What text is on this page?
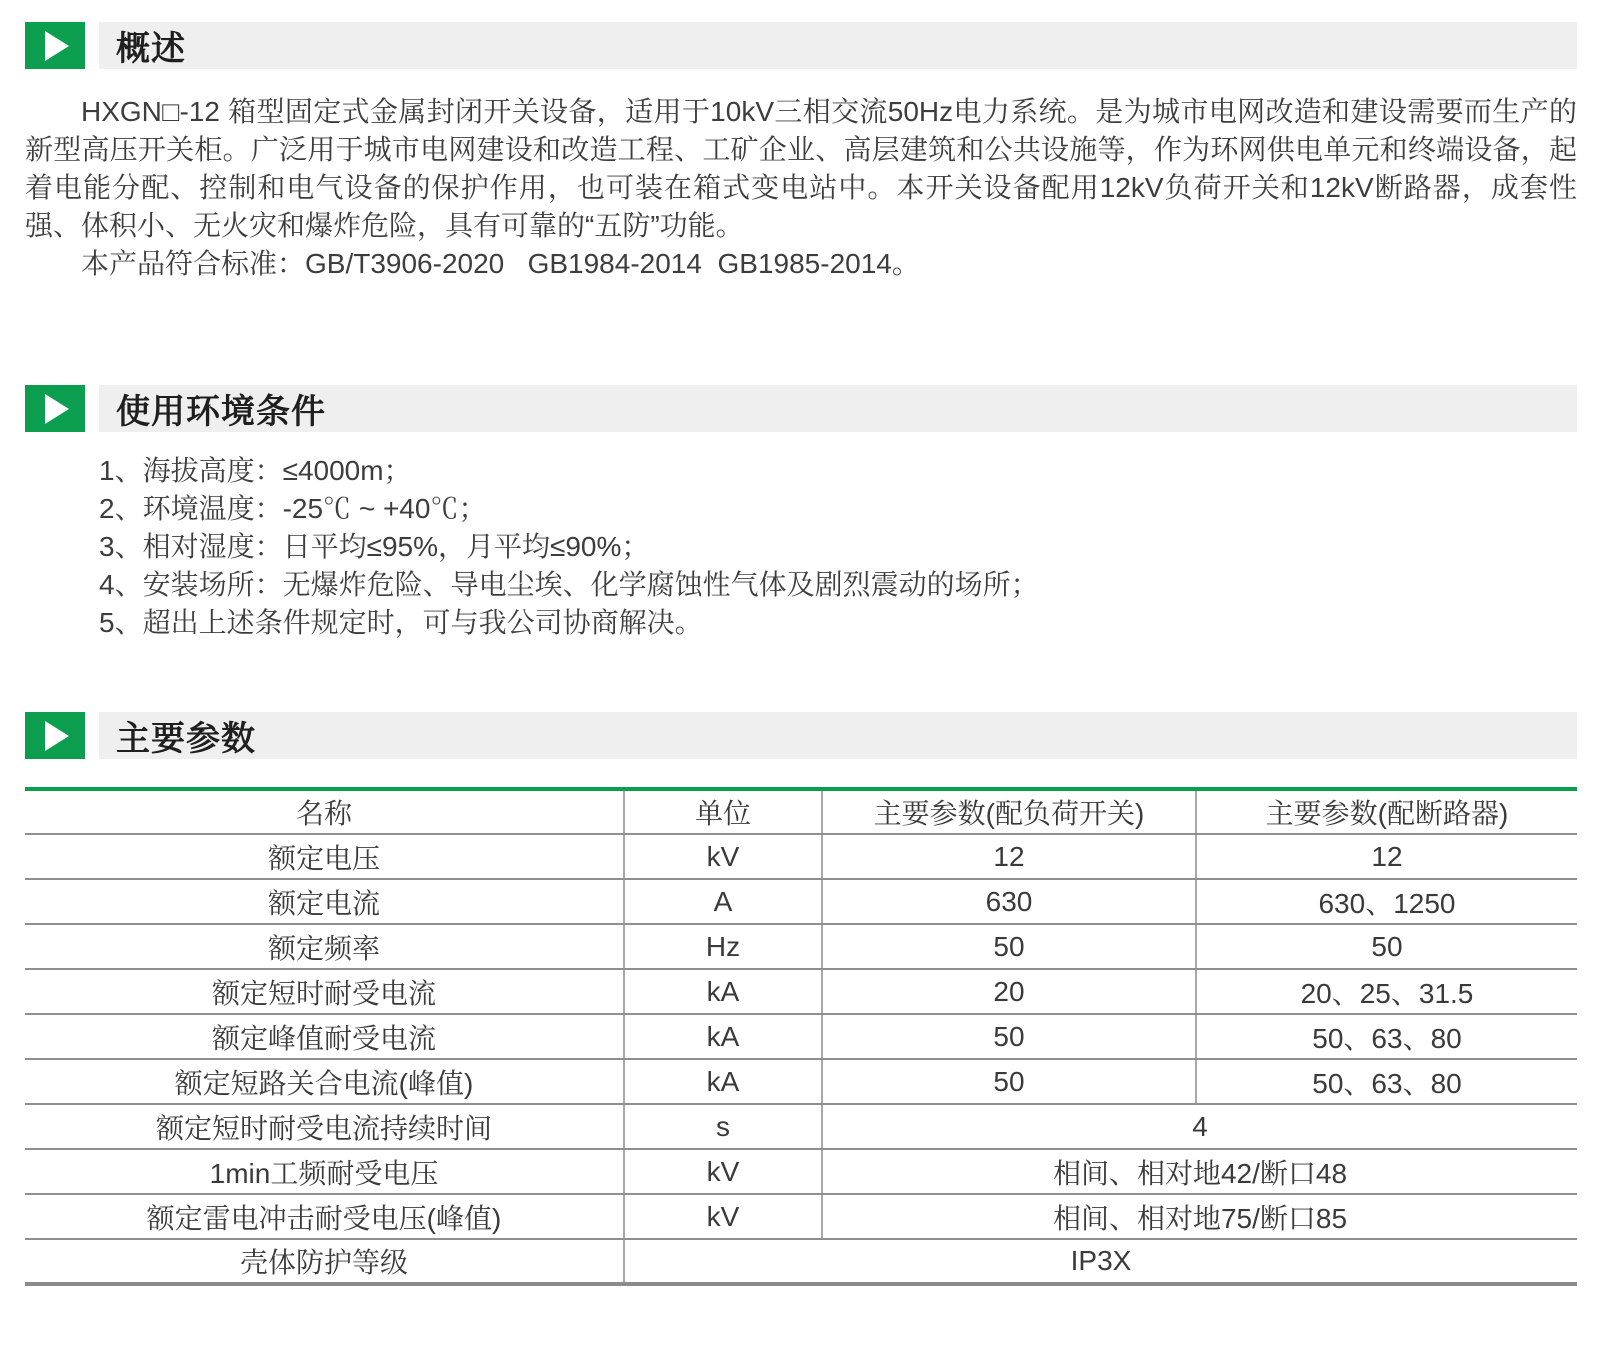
概述

HXGN□-12 箱型固定式金属封闭开关设备，适用于10kV三相交流50Hz电力系统。是为城市电网改造和建设需要而生产的新型高压开关柜。广泛用于城市电网建设和改造工程、工矿企业、高层建筑和公共设施等，作为环网供电单元和终端设备，起着电能分配、控制和电气设备的保护作用，也可装在箱式变电站中。本开关设备配用12kV负荷开关和12kV断路器，成套性强、体积小、无火灾和爆炸危险，具有可靠的“五防”功能。

本产品符合标准：GB/T3906-2020   GB1984-2014  GB1985-2014。

使用环境条件
1、海拔高度：≤4000m；
2、环境温度：-25℃ ~ +40℃；
3、相对湿度：日平均≤95%，月平均≤90%；
4、安装场所：无爆炸危险、导电尘埃、化学腐蚀性气体及剧烈震动的场所；
5、超出上述条件规定时，可与我公司协商解决。
主要参数
名称	单位	主要参数(配负荷开关)	主要参数(配断路器)
额定电压	kV	12	12
额定电流	A	630	630、1250
额定频率	Hz	50	50
额定短时耐受电流	kA	20	20、25、31.5
额定峰值耐受电流	kA	50	50、63、80
额定短路关合电流(峰值)	kA	50	50、63、80
额定短时耐受电流持续时间	s	4	
1min工频耐受电压	kV	相间、相对地42/断口48	
额定雷电冲击耐受电压(峰值)	kV	相间、相对地75/断口85	
壳体防护等级	IP3X		
